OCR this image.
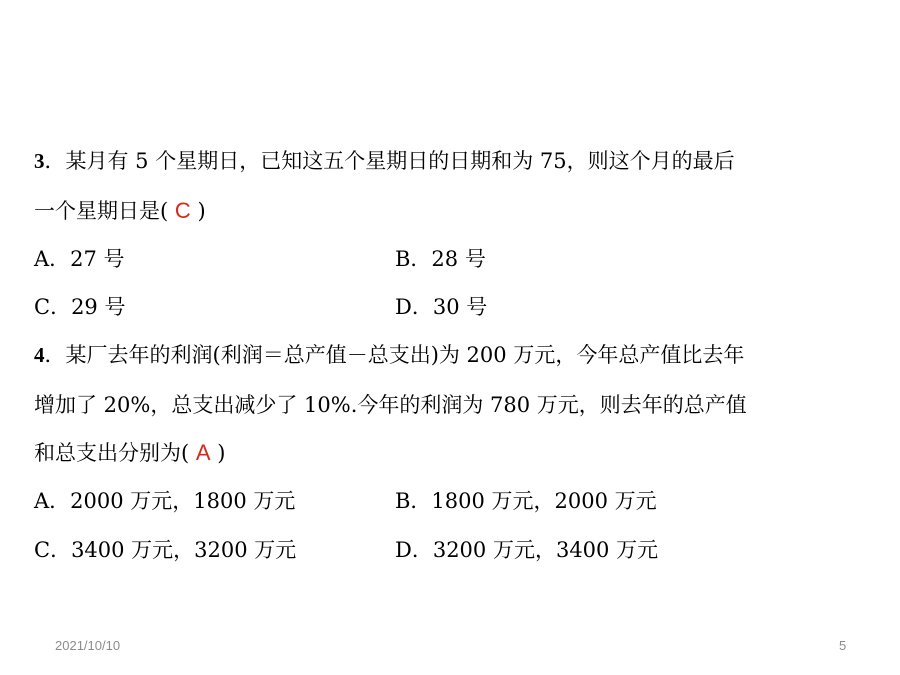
3．某月有 5 个星期日，已知这五个星期日的日期和为 75，则这个月的最后
一个星期日是( C )
A．27 号	B．28 号
C．29 号	D．30 号
4．某厂去年的利润(利润＝总产值－总支出)为 200 万元，今年总产值比去年
增加了 20%，总支出减少了 10%.今年的利润为 780 万元，则去年的总产值
和总支出分别为( A )
A．2000 万元，1800 万元	B．1800 万元，2000 万元
C．3400 万元，3200 万元	D．3200 万元，3400 万元
2021/10/10	5
